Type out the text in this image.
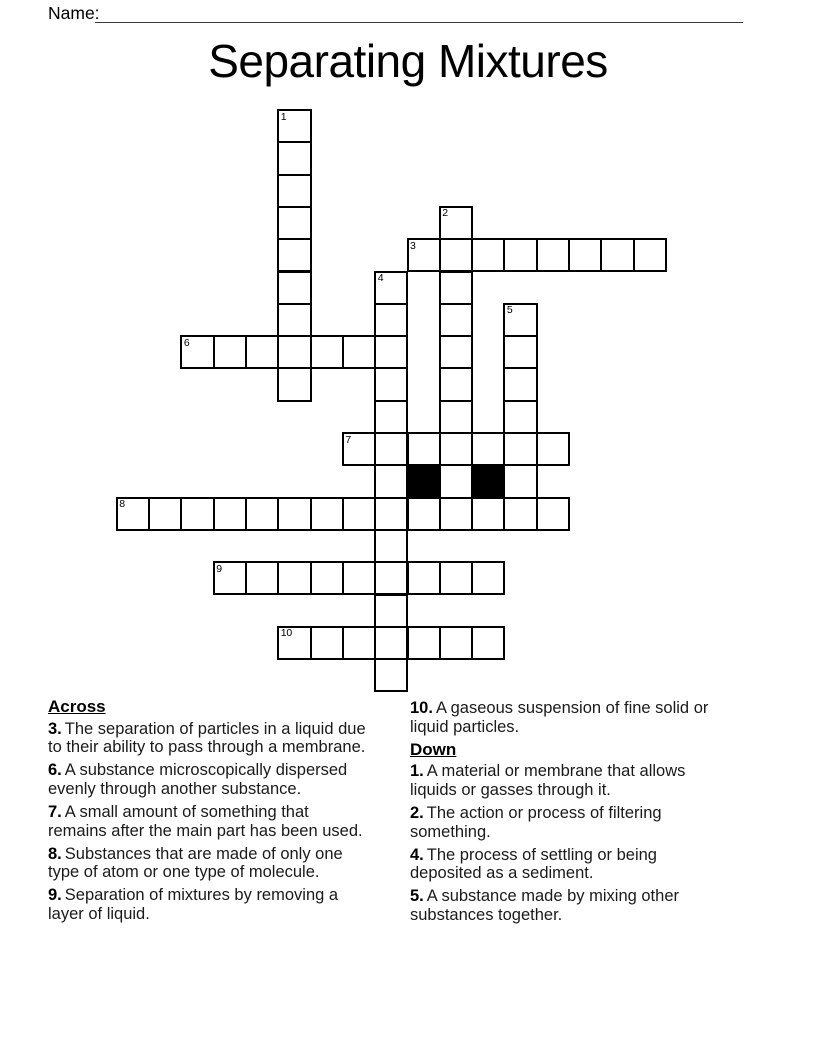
Name:
Separating Mixtures
1
2
3
4
5
6
7
8
9
10
Across
3. The separation of particles in a liquid due to their ability to pass through a membrane.
6. A substance microscopically dispersed evenly through another substance.
7. A small amount of something that remains after the main part has been used.
8. Substances that are made of only one type of atom or one type of molecule.
9. Separation of mixtures by removing a layer of liquid.
10. A gaseous suspension of fine solid or liquid particles.
Down
1. A material or membrane that allows liquids or gasses through it.
2. The action or process of filtering something.
4. The process of settling or being deposited as a sediment.
5. A substance made by mixing other substances together.
